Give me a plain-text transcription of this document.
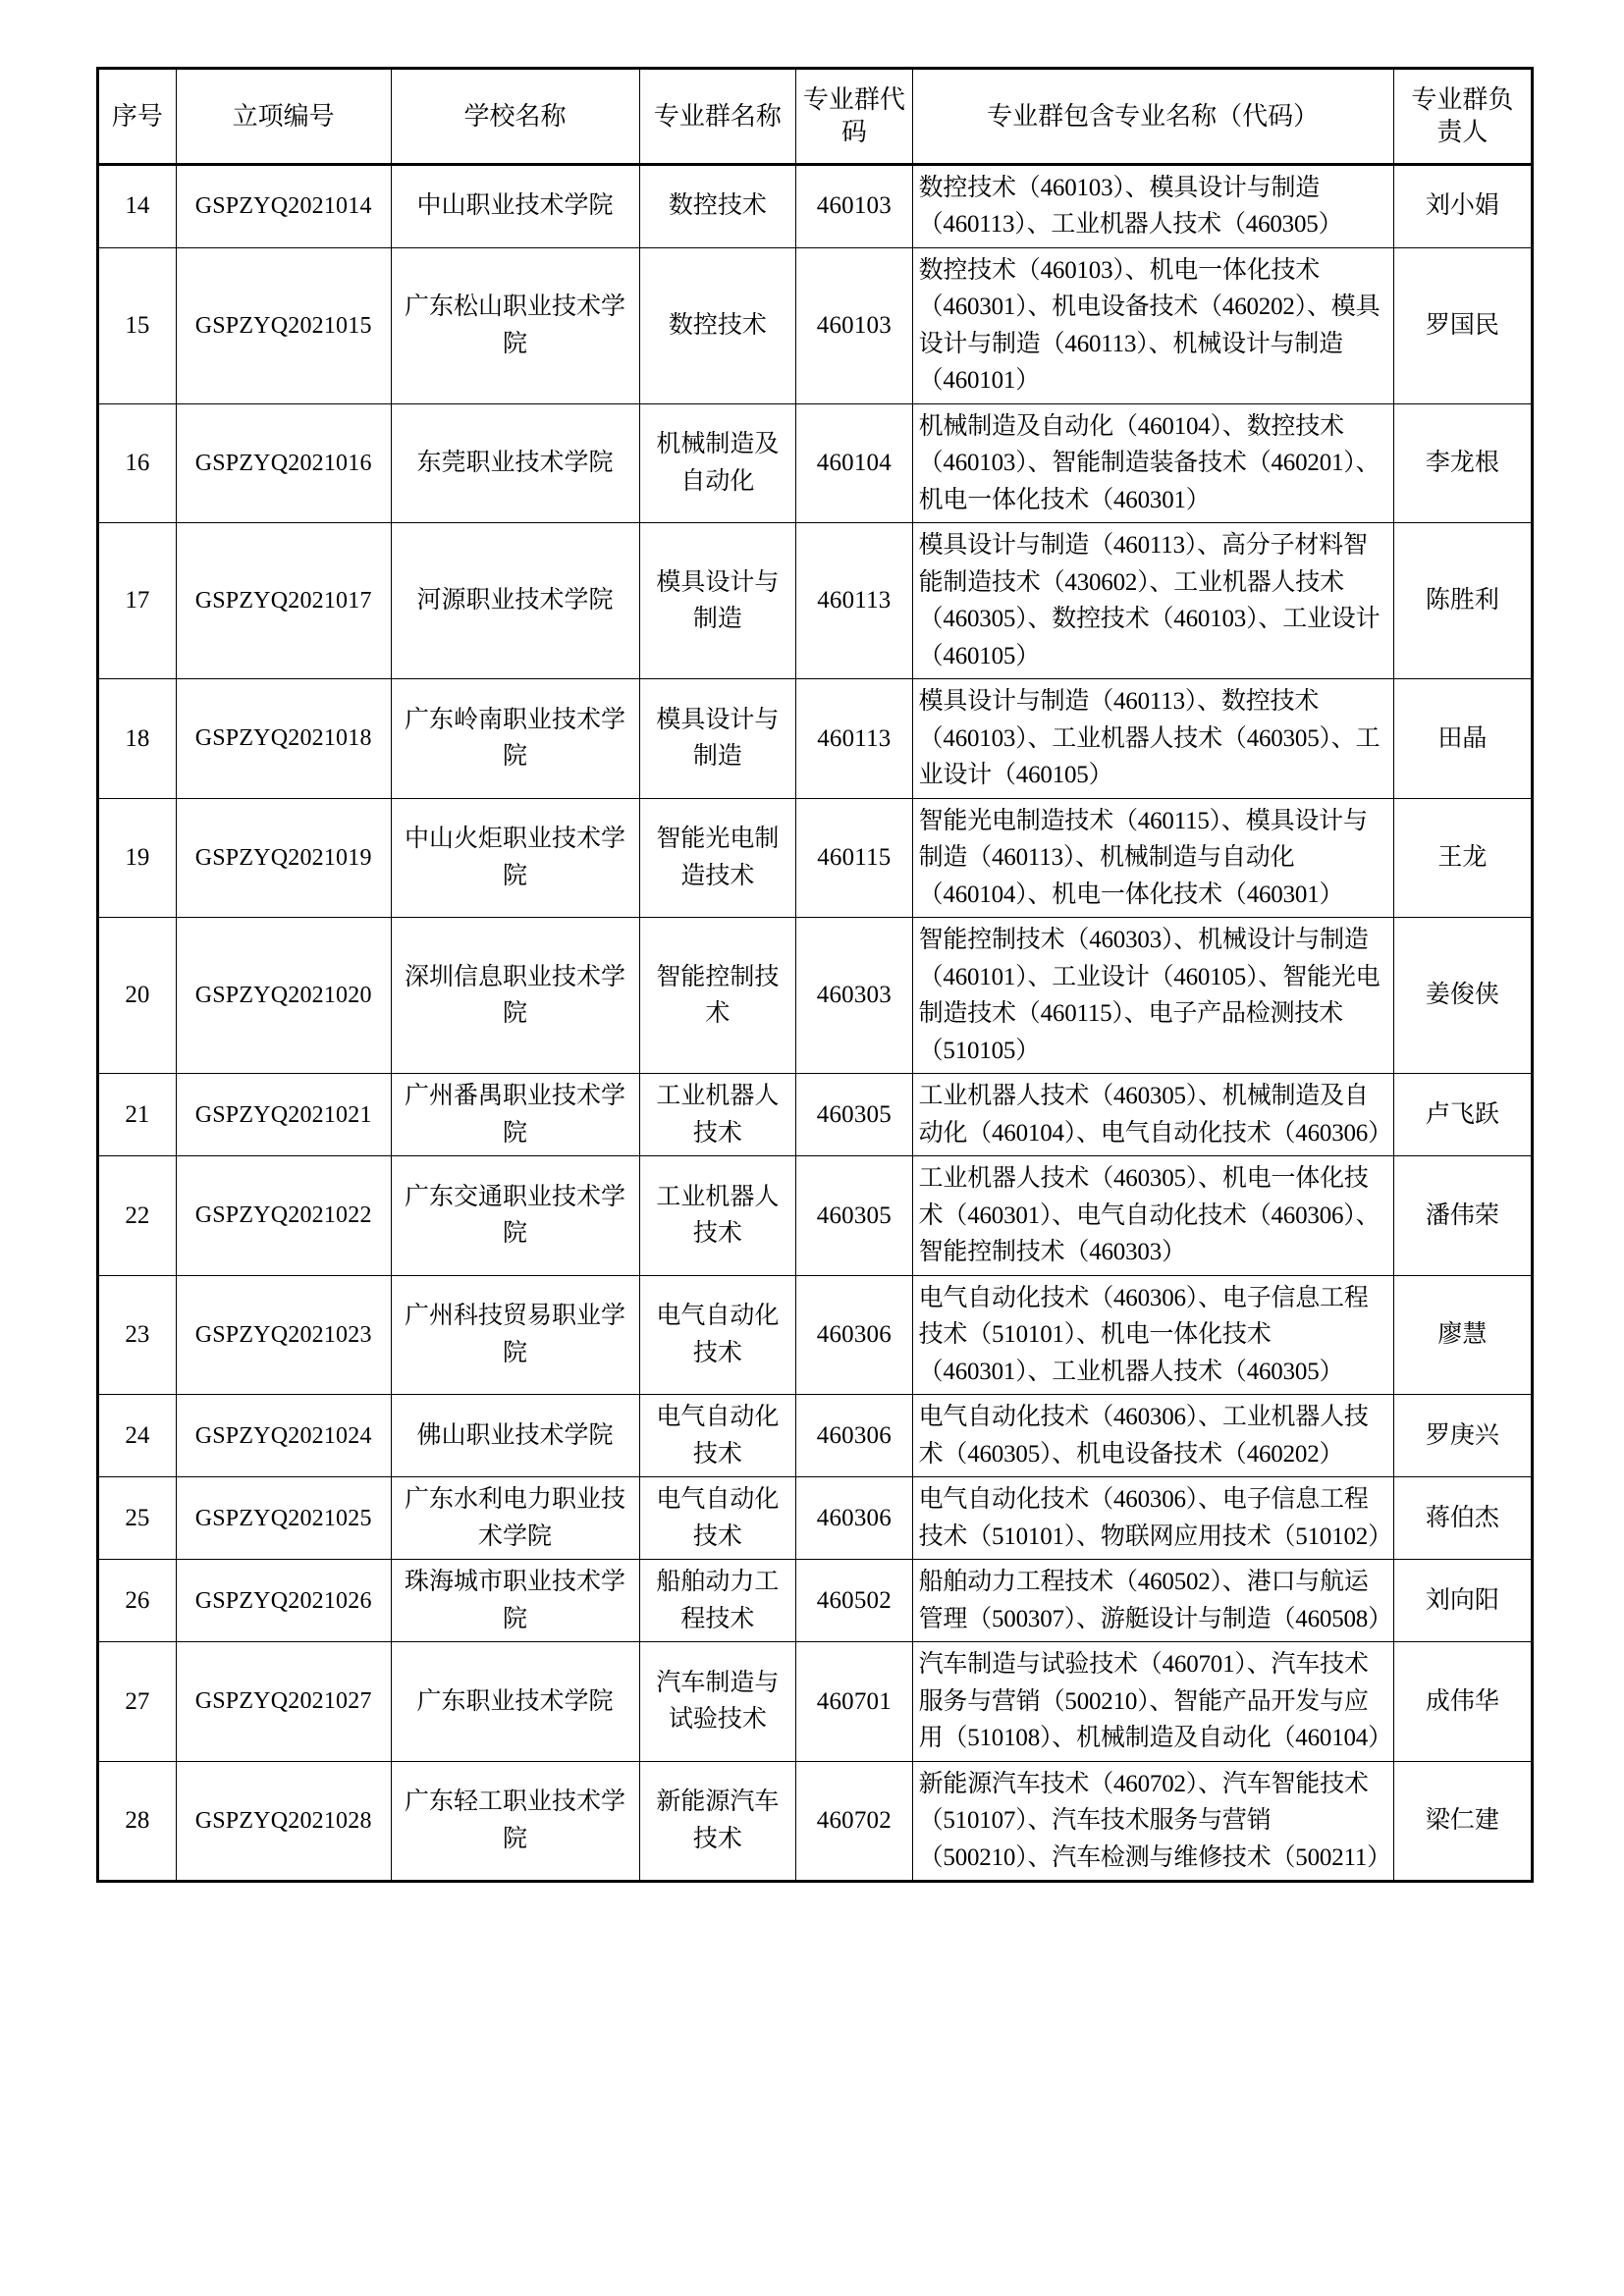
序号	立项编号	学校名称	专业群名称	专业群代码	专业群包含专业名称（代码）	专业群负责人

14	GSPZYQ2021014	中山职业技术学院	数控技术	460103	数控技术（460103）、模具设计与制造（460113）、工业机器人技术（460305）	刘小娟
15	GSPZYQ2021015	广东松山职业技术学院	数控技术	460103	数控技术（460103）、机电一体化技术（460301）、机电设备技术（460202）、模具设计与制造（460113）、机械设计与制造（460101）	罗国民
16	GSPZYQ2021016	东莞职业技术学院	机械制造及自动化	460104	机械制造及自动化（460104）、数控技术（460103）、智能制造装备技术（460201）、机电一体化技术（460301）	李龙根
17	GSPZYQ2021017	河源职业技术学院	模具设计与制造	460113	模具设计与制造（460113）、高分子材料智能制造技术（430602）、工业机器人技术（460305）、数控技术（460103）、工业设计（460105）	陈胜利
18	GSPZYQ2021018	广东岭南职业技术学院	模具设计与制造	460113	模具设计与制造（460113）、数控技术（460103）、工业机器人技术（460305）、工业设计（460105）	田晶
19	GSPZYQ2021019	中山火炬职业技术学院	智能光电制造技术	460115	智能光电制造技术（460115）、模具设计与制造（460113）、机械制造与自动化（460104）、机电一体化技术（460301）	王龙
20	GSPZYQ2021020	深圳信息职业技术学院	智能控制技术	460303	智能控制技术（460303）、机械设计与制造（460101）、工业设计（460105）、智能光电制造技术（460115）、电子产品检测技术（510105）	姜俊侠
21	GSPZYQ2021021	广州番禺职业技术学院	工业机器人技术	460305	工业机器人技术（460305）、机械制造及自动化（460104）、电气自动化技术（460306）	卢飞跃
22	GSPZYQ2021022	广东交通职业技术学院	工业机器人技术	460305	工业机器人技术（460305）、机电一体化技术（460301）、电气自动化技术（460306）、智能控制技术（460303）	潘伟荣
23	GSPZYQ2021023	广州科技贸易职业学院	电气自动化技术	460306	电气自动化技术（460306）、电子信息工程技术（510101）、机电一体化技术（460301）、工业机器人技术（460305）	廖慧
24	GSPZYQ2021024	佛山职业技术学院	电气自动化技术	460306	电气自动化技术（460306）、工业机器人技术（460305）、机电设备技术（460202）	罗庚兴
25	GSPZYQ2021025	广东水利电力职业技术学院	电气自动化技术	460306	电气自动化技术（460306）、电子信息工程技术（510101）、物联网应用技术（510102）	蒋伯杰
26	GSPZYQ2021026	珠海城市职业技术学院	船舶动力工程技术	460502	船舶动力工程技术（460502）、港口与航运管理（500307）、游艇设计与制造（460508）	刘向阳
27	GSPZYQ2021027	广东职业技术学院	汽车制造与试验技术	460701	汽车制造与试验技术（460701）、汽车技术服务与营销（500210）、智能产品开发与应用（510108）、机械制造及自动化（460104）	成伟华
28	GSPZYQ2021028	广东轻工职业技术学院	新能源汽车技术	460702	新能源汽车技术（460702）、汽车智能技术（510107）、汽车技术服务与营销（500210）、汽车检测与维修技术（500211）	梁仁建
